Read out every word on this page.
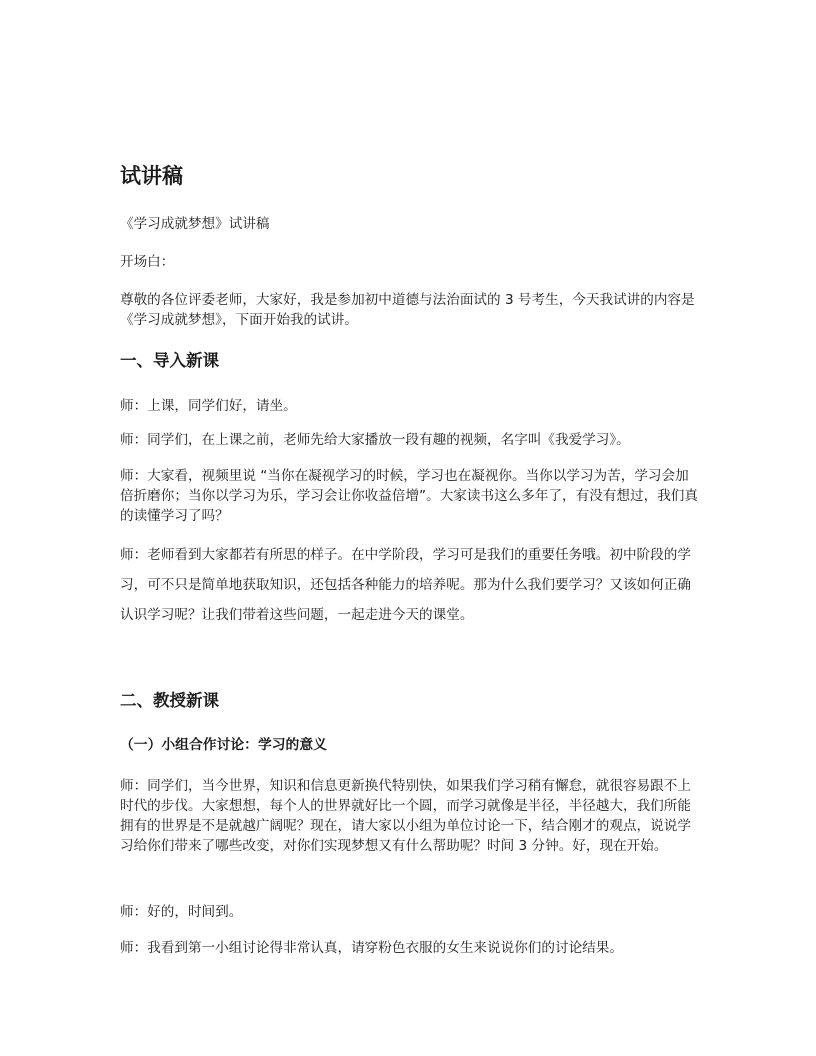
试讲稿

《学习成就梦想》试讲稿

开场白：

尊敬的各位评委老师，大家好，我是参加初中道德与法治面试的 3 号考生，今天我试讲的内容是《学习成就梦想》，下面开始我的试讲。

一、导入新课

师：上课，同学们好，请坐。

师：同学们，在上课之前，老师先给大家播放一段有趣的视频，名字叫《我爱学习》。

师：大家看，视频里说 “当你在凝视学习的时候，学习也在凝视你。当你以学习为苦，学习会加倍折磨你；当你以学习为乐，学习会让你收益倍增”。大家读书这么多年了，有没有想过，我们真的读懂学习了吗？

师：老师看到大家都若有所思的样子。在中学阶段，学习可是我们的重要任务哦。初中阶段的学习，可不只是简单地获取知识，还包括各种能力的培养呢。那为什么我们要学习？又该如何正确认识学习呢？让我们带着这些问题，一起走进今天的课堂。

二、教授新课
（一）小组合作讨论：学习的意义

师：同学们，当今世界，知识和信息更新换代特别快，如果我们学习稍有懈怠，就很容易跟不上时代的步伐。大家想想，每个人的世界就好比一个圆，而学习就像是半径，半径越大，我们所能拥有的世界是不是就越广阔呢？现在，请大家以小组为单位讨论一下，结合刚才的观点，说说学习给你们带来了哪些改变，对你们实现梦想又有什么帮助呢？时间 3 分钟。好，现在开始。

师：好的，时间到。

师：我看到第一小组讨论得非常认真，请穿粉色衣服的女生来说说你们的讨论结果。
